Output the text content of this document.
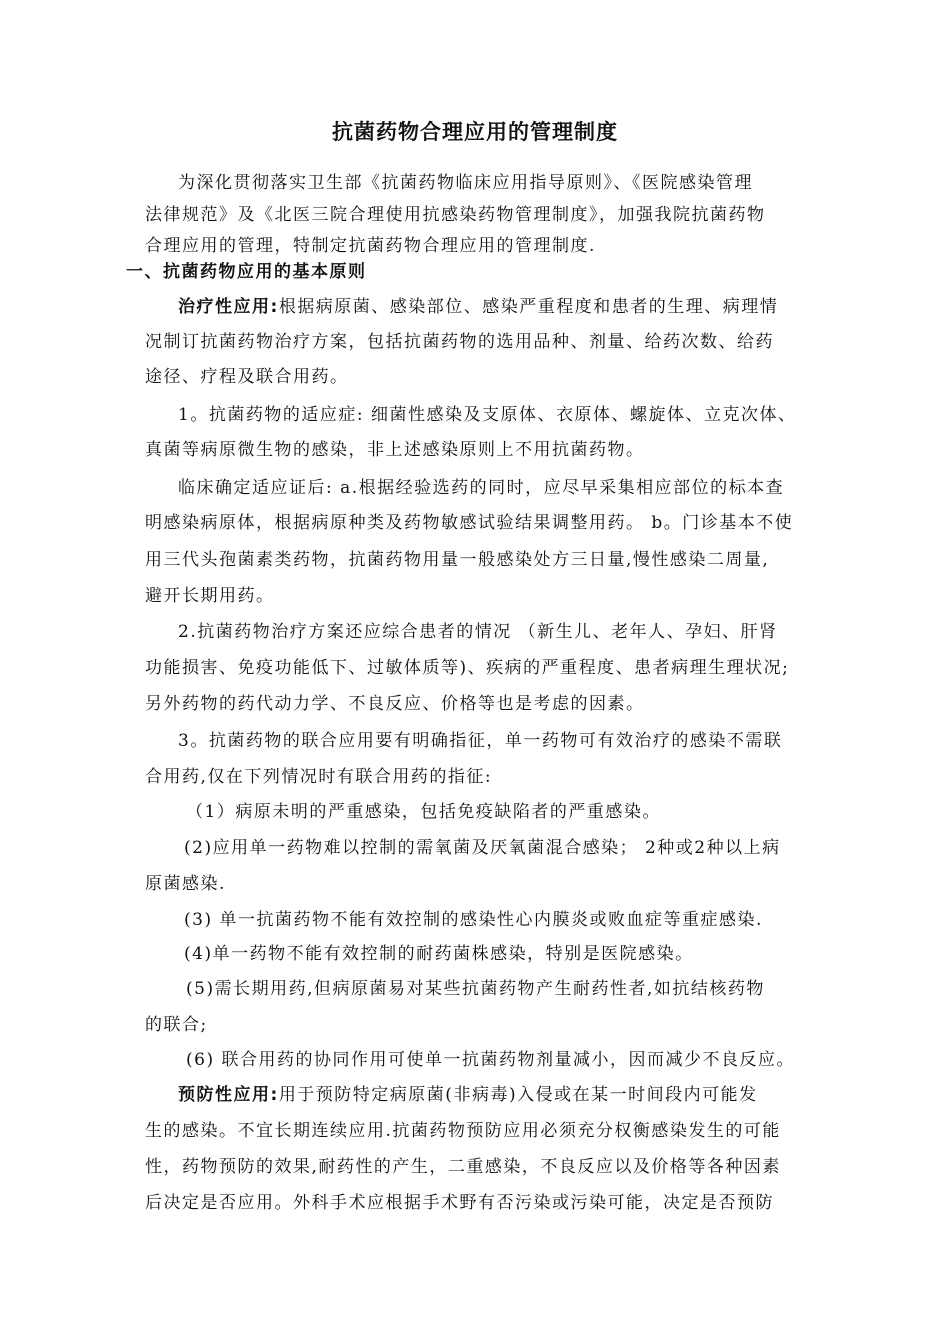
抗菌药物合理应用的管理制度
为深化贯彻落实卫生部《抗菌药物临床应用指导原则》、《医院感染管理
法律规范》及《北医三院合理使用抗感染药物管理制度》，加强我院抗菌药物
合理应用的管理，特制定抗菌药物合理应用的管理制度.
一、抗菌药物应用的基本原则
治疗性应用:根据病原菌、感染部位、感染严重程度和患者的生理、病理情
况制订抗菌药物治疗方案，包括抗菌药物的选用品种、剂量、给药次数、给药
途径、疗程及联合用药。
1。抗菌药物的适应症: 细菌性感染及支原体、衣原体、螺旋体、立克次体、
真菌等病原微生物的感染，非上述感染原则上不用抗菌药物。
临床确定适应证后: a.根据经验选药的同时，应尽早采集相应部位的标本查
明感染病原体，根据病原种类及药物敏感试验结果调整用药。 b。门诊基本不使
用三代头孢菌素类药物，抗菌药物用量一般感染处方三日量,慢性感染二周量,
避开长期用药。
2.抗菌药物治疗方案还应综合患者的情况 （新生儿、老年人、孕妇、肝肾
功能损害、免疫功能低下、过敏体质等)、疾病的严重程度、患者病理生理状况;
另外药物的药代动力学、不良反应、价格等也是考虑的因素。
3。抗菌药物的联合应用要有明确指征，单一药物可有效治疗的感染不需联
合用药,仅在下列情况时有联合用药的指征:
（1）病原未明的严重感染，包括免疫缺陷者的严重感染。
(2)应用单一药物难以控制的需氧菌及厌氧菌混合感染； 2种或2种以上病
原菌感染.
(3) 单一抗菌药物不能有效控制的感染性心内膜炎或败血症等重症感染.
(4)单一药物不能有效控制的耐药菌株感染，特别是医院感染。
(5)需长期用药,但病原菌易对某些抗菌药物产生耐药性者,如抗结核药物
的联合;
(6) 联合用药的协同作用可使单一抗菌药物剂量减小，因而减少不良反应。
预防性应用:用于预防特定病原菌(非病毒)入侵或在某一时间段内可能发
生的感染。不宜长期连续应用.抗菌药物预防应用必须充分权衡感染发生的可能
性，药物预防的效果,耐药性的产生，二重感染，不良反应以及价格等各种因素
后决定是否应用。外科手术应根据手术野有否污染或污染可能，决定是否预防
